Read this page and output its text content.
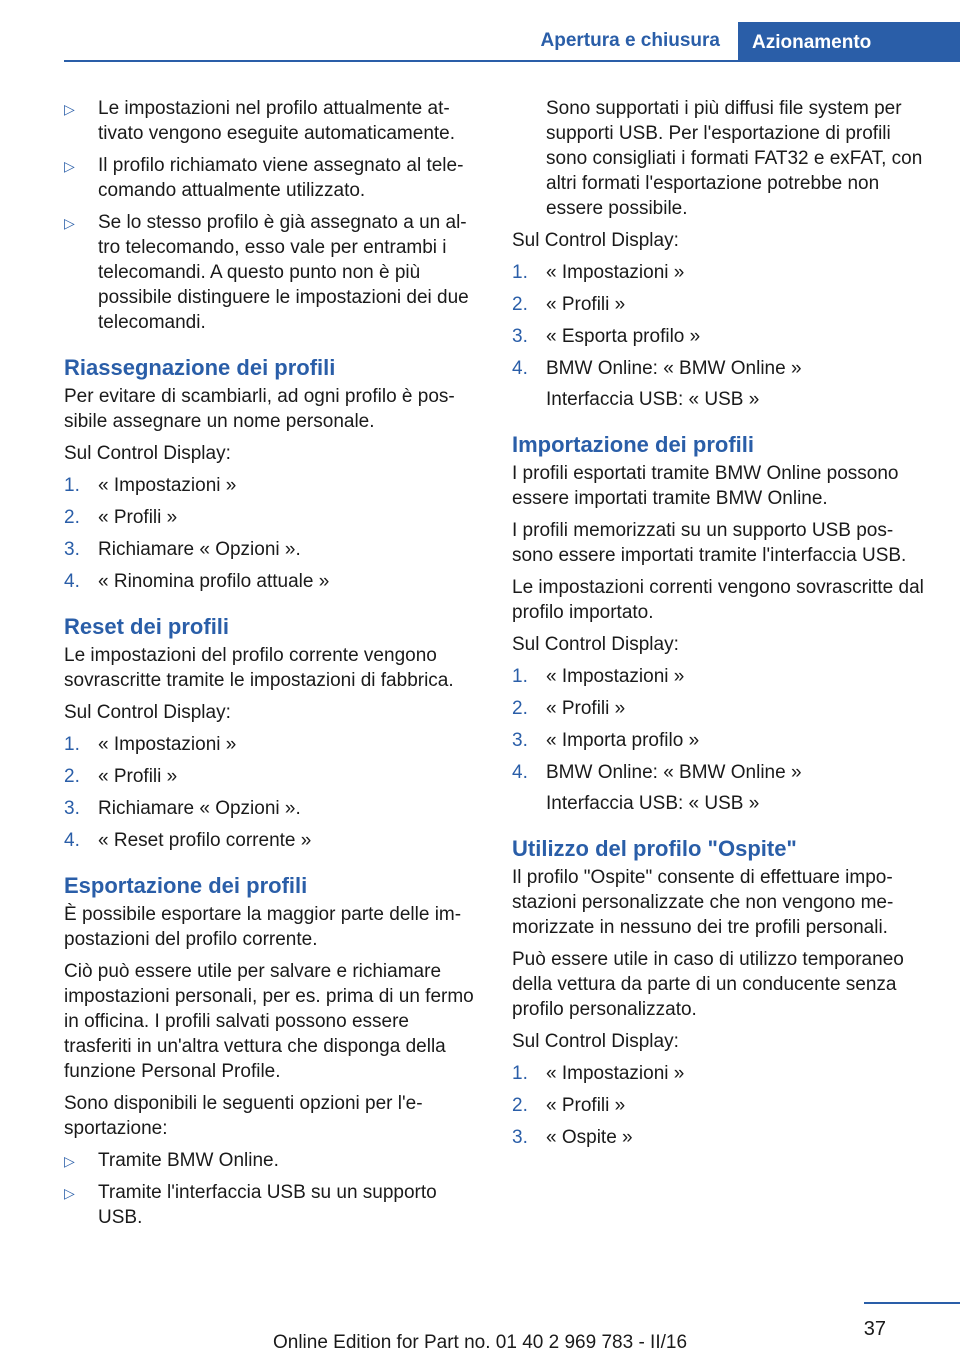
Apertura e chiusura	Azionamento
▷ Le impostazioni nel profilo attualmente attivato vengono eseguite automaticamente.
▷ Il profilo richiamato viene assegnato al telecomando attualmente utilizzato.
▷ Se lo stesso profilo è già assegnato a un altro telecomando, esso vale per entrambi i telecomandi. A questo punto non è più possibile distinguere le impostazioni dei due telecomandi.
Riassegnazione dei profili

Per evitare di scambiarli, ad ogni profilo è possibile assegnare un nome personale.

Sul Control Display:

1. « Impostazioni »
2. « Profili »
3. Richiamare « Opzioni ».
4. « Rinomina profilo attuale »
Reset dei profili

Le impostazioni del profilo corrente vengono sovrascritte tramite le impostazioni di fabbrica.

Sul Control Display:

1. « Impostazioni »
2. « Profili »
3. Richiamare « Opzioni ».
4. « Reset profilo corrente »
Esportazione dei profili

È possibile esportare la maggior parte delle impostazioni del profilo corrente.

Ciò può essere utile per salvare e richiamare impostazioni personali, per es. prima di un fermo in officina. I profili salvati possono essere trasferiti in un'altra vettura che disponga della funzione Personal Profile.

Sono disponibili le seguenti opzioni per l'esportazione:

▷ Tramite BMW Online.
▷ Tramite l'interfaccia USB su un supporto USB.

Sono supportati i più diffusi file system per supporti USB. Per l'esportazione di profili sono consigliati i formati FAT32 e exFAT, con altri formati l'esportazione potrebbe non essere possibile.

Sul Control Display:

1. « Impostazioni »
2. « Profili »
3. « Esporta profilo »
4. BMW Online: « BMW Online »
Interfaccia USB: « USB »
Importazione dei profili

I profili esportati tramite BMW Online possono essere importati tramite BMW Online.

I profili memorizzati su un supporto USB possono essere importati tramite l'interfaccia USB.

Le impostazioni correnti vengono sovrascritte dal profilo importato.

Sul Control Display:

1. « Impostazioni »
2. « Profili »
3. « Importa profilo »
4. BMW Online: « BMW Online »
Interfaccia USB: « USB »
Utilizzo del profilo "Ospite"

Il profilo "Ospite" consente di effettuare impostazioni personalizzate che non vengono memorizzate in nessuno dei tre profili personali.

Può essere utile in caso di utilizzo temporaneo della vettura da parte di un conducente senza profilo personalizzato.

Sul Control Display:

1. « Impostazioni »
2. « Profili »
3. « Ospite »
37
Online Edition for Part no. 01 40 2 969 783 - II/16
